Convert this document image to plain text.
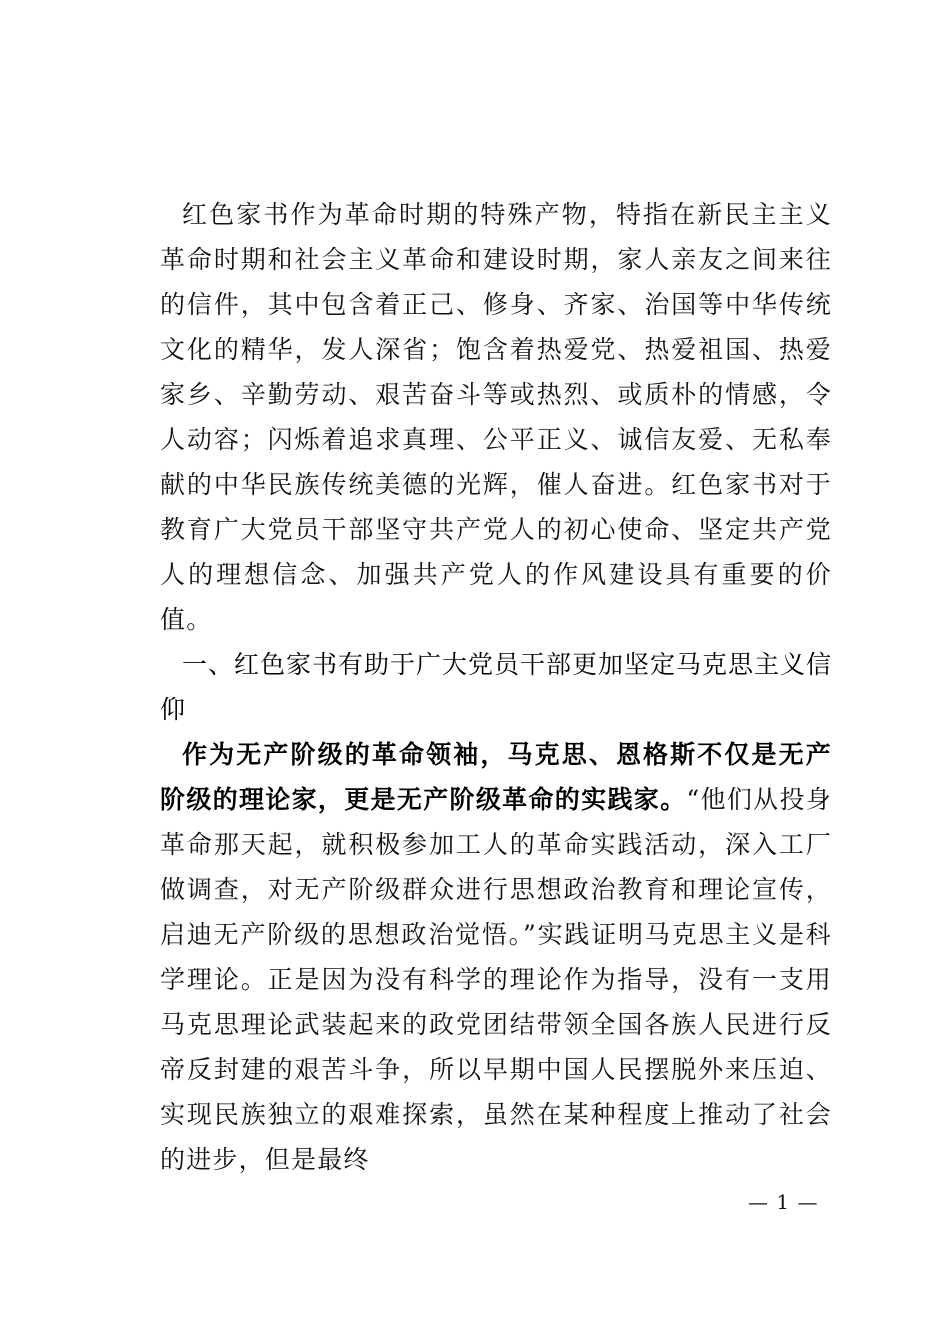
红色家书作为革命时期的特殊产物，特指在新民主主义革命时期和社会主义革命和建设时期，家人亲友之间来往的信件，其中包含着正己、修身、齐家、治国等中华传统文化的精华，发人深省；饱含着热爱党、热爱祖国、热爱家乡、辛勤劳动、艰苦奋斗等或热烈、或质朴的情感，令人动容；闪烁着追求真理、公平正义、诚信友爱、无私奉献的中华民族传统美德的光辉，催人奋进。红色家书对于教育广大党员干部坚守共产党人的初心使命、坚定共产党人的理想信念、加强共产党人的作风建设具有重要的价值。

一、红色家书有助于广大党员干部更加坚定马克思主义信仰

作为无产阶级的革命领袖，马克思、恩格斯不仅是无产阶级的理论家，更是无产阶级革命的实践家。“他们从投身革命那天起，就积极参加工人的革命实践活动，深入工厂做调查，对无产阶级群众进行思想政治教育和理论宣传，启迪无产阶级的思想政治觉悟。”实践证明马克思主义是科学理论。正是因为没有科学的理论作为指导，没有一支用马克思理论武装起来的政党团结带领全国各族人民进行反帝反封建的艰苦斗争，所以早期中国人民摆脱外来压迫、实现民族独立的艰难探索，虽然在某种程度上推动了社会的进步，但是最终

— 1 —
